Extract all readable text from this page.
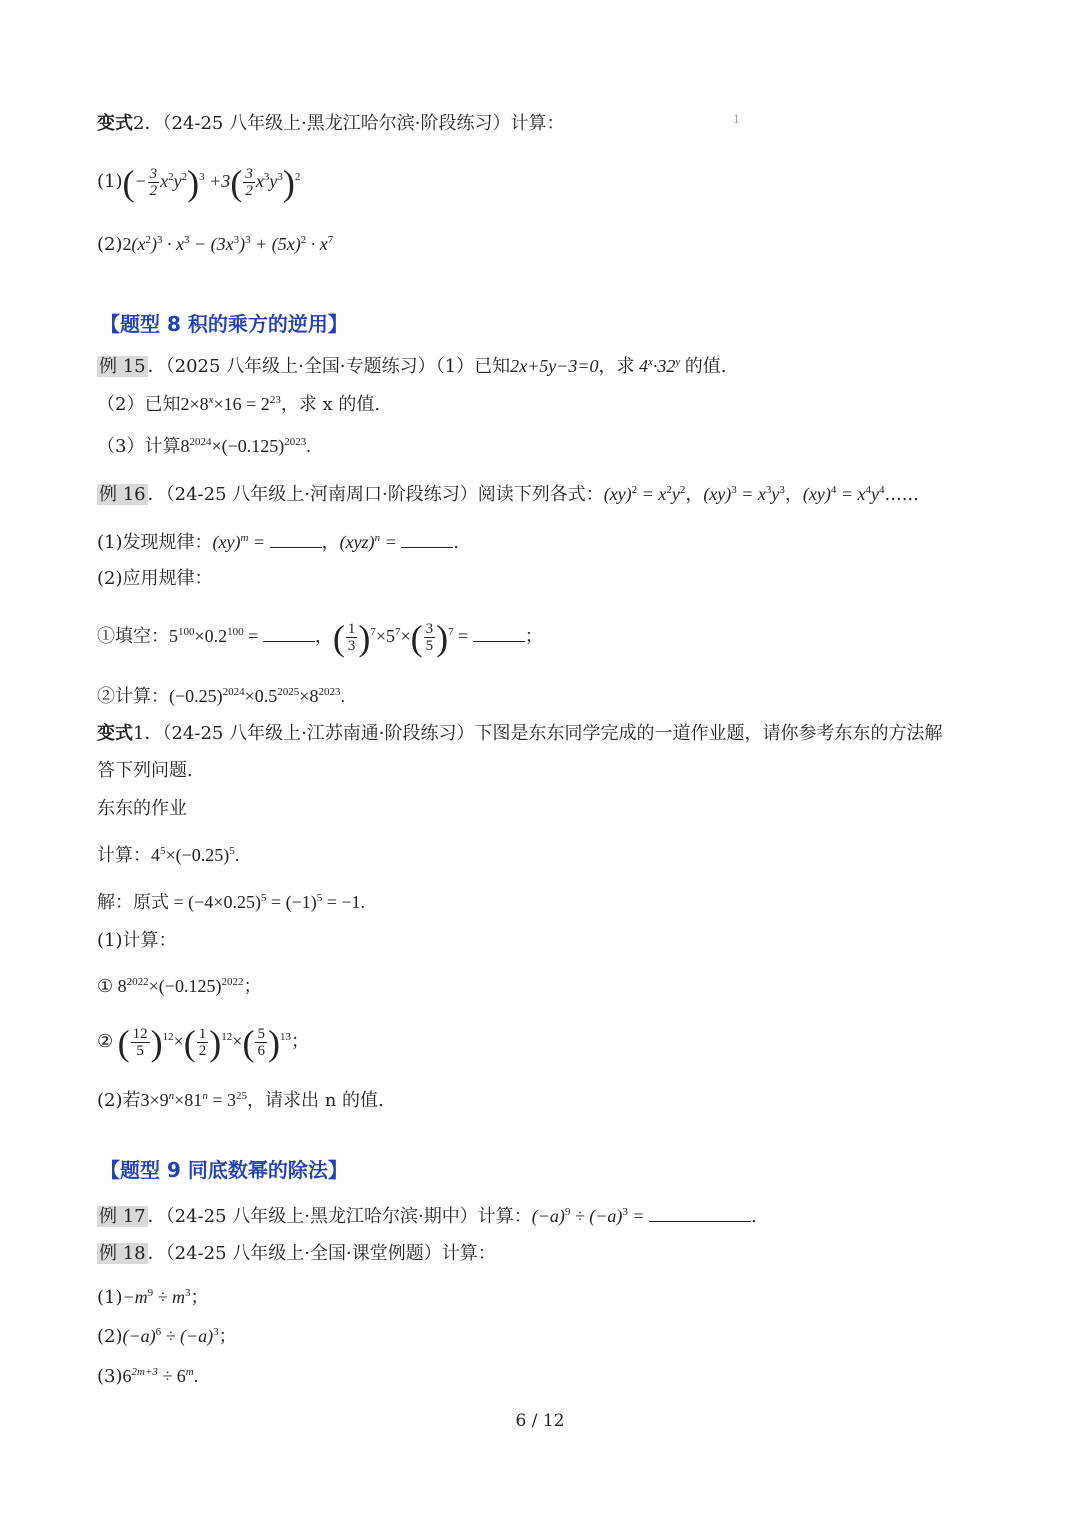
1
变式2．（24-25 八年级上·黑龙江哈尔滨·阶段练习）计算：
$(1)(- \frac{3}{2} x^2y^2)^3 +3( \frac{3}{2} x^3y^3)^2$
$(2)2(x^2)^3 \cdot x^3 - (3x^3)^3 + (5x)^2 \cdot x^7$
【题型 8 积的乘方的逆用】
例 15 ．（2025 八年级上·全国·专题练习）（1）已知2x+5y−3=0，求 $4^x\cdot 32^y$ 的值.
（2）已知$2\times 8^x\times 16 = 2^{23}$，求 x 的值.
（3）计算$8^{2024}\times(-0.125)^{2023}$.
例 16 ．（24-25 八年级上·河南周口·阶段练习）阅读下列各式：$(xy)^2 = x^2y^2$，$(xy)^3 = x^3y^3$，$(xy)^4 = x^4y^4$......
(1)发现规律：(xy)$^m$ =	，(xyz)$^n$ =	.
(2)应用规律：
①填空：$5^{100}\times 0.2^{100}$ =	，( $\frac{1}{3} )^7\times 5^7\times( \frac{3}{5} )^7$ =	；
②计算：$(-0.25)^{2024}\times 0.5^{2025}\times 8^{2023}$.
变式1．（24-25 八年级上·江苏南通·阶段练习）下图是东东同学完成的一道作业题，请你参考东东的方法解
答下列问题.
东东的作业
计算：$4^5\times(-0.25)^5$.
解：原式 = $(-4\times 0.25)^5 = (-1)^5 = -1$.
(1)计算：
① $8^{2022}\times(-0.125)^{2022}$；
② ( $\frac{12}{5} )^{12}\times( \frac{1}{2} )^{12}\times( \frac{5}{6} )^{13}$；
(2)若$3\times 9^n\times 81^n = 3^{25}$，请求出 n 的值.
【题型 9 同底数幂的除法】
例 17 ．（24-25 八年级上·黑龙江哈尔滨·期中）计算：$(-a)^9 \div (-a)^3$ =	.
例 18 ．（24-25 八年级上·全国·课堂例题）计算：
$(1)-m^9 \div m^3$；
$(2)(-a)^6 \div (-a)^3$；
$(3)6^{2m+3} \div 6^m$.
6 / 12
